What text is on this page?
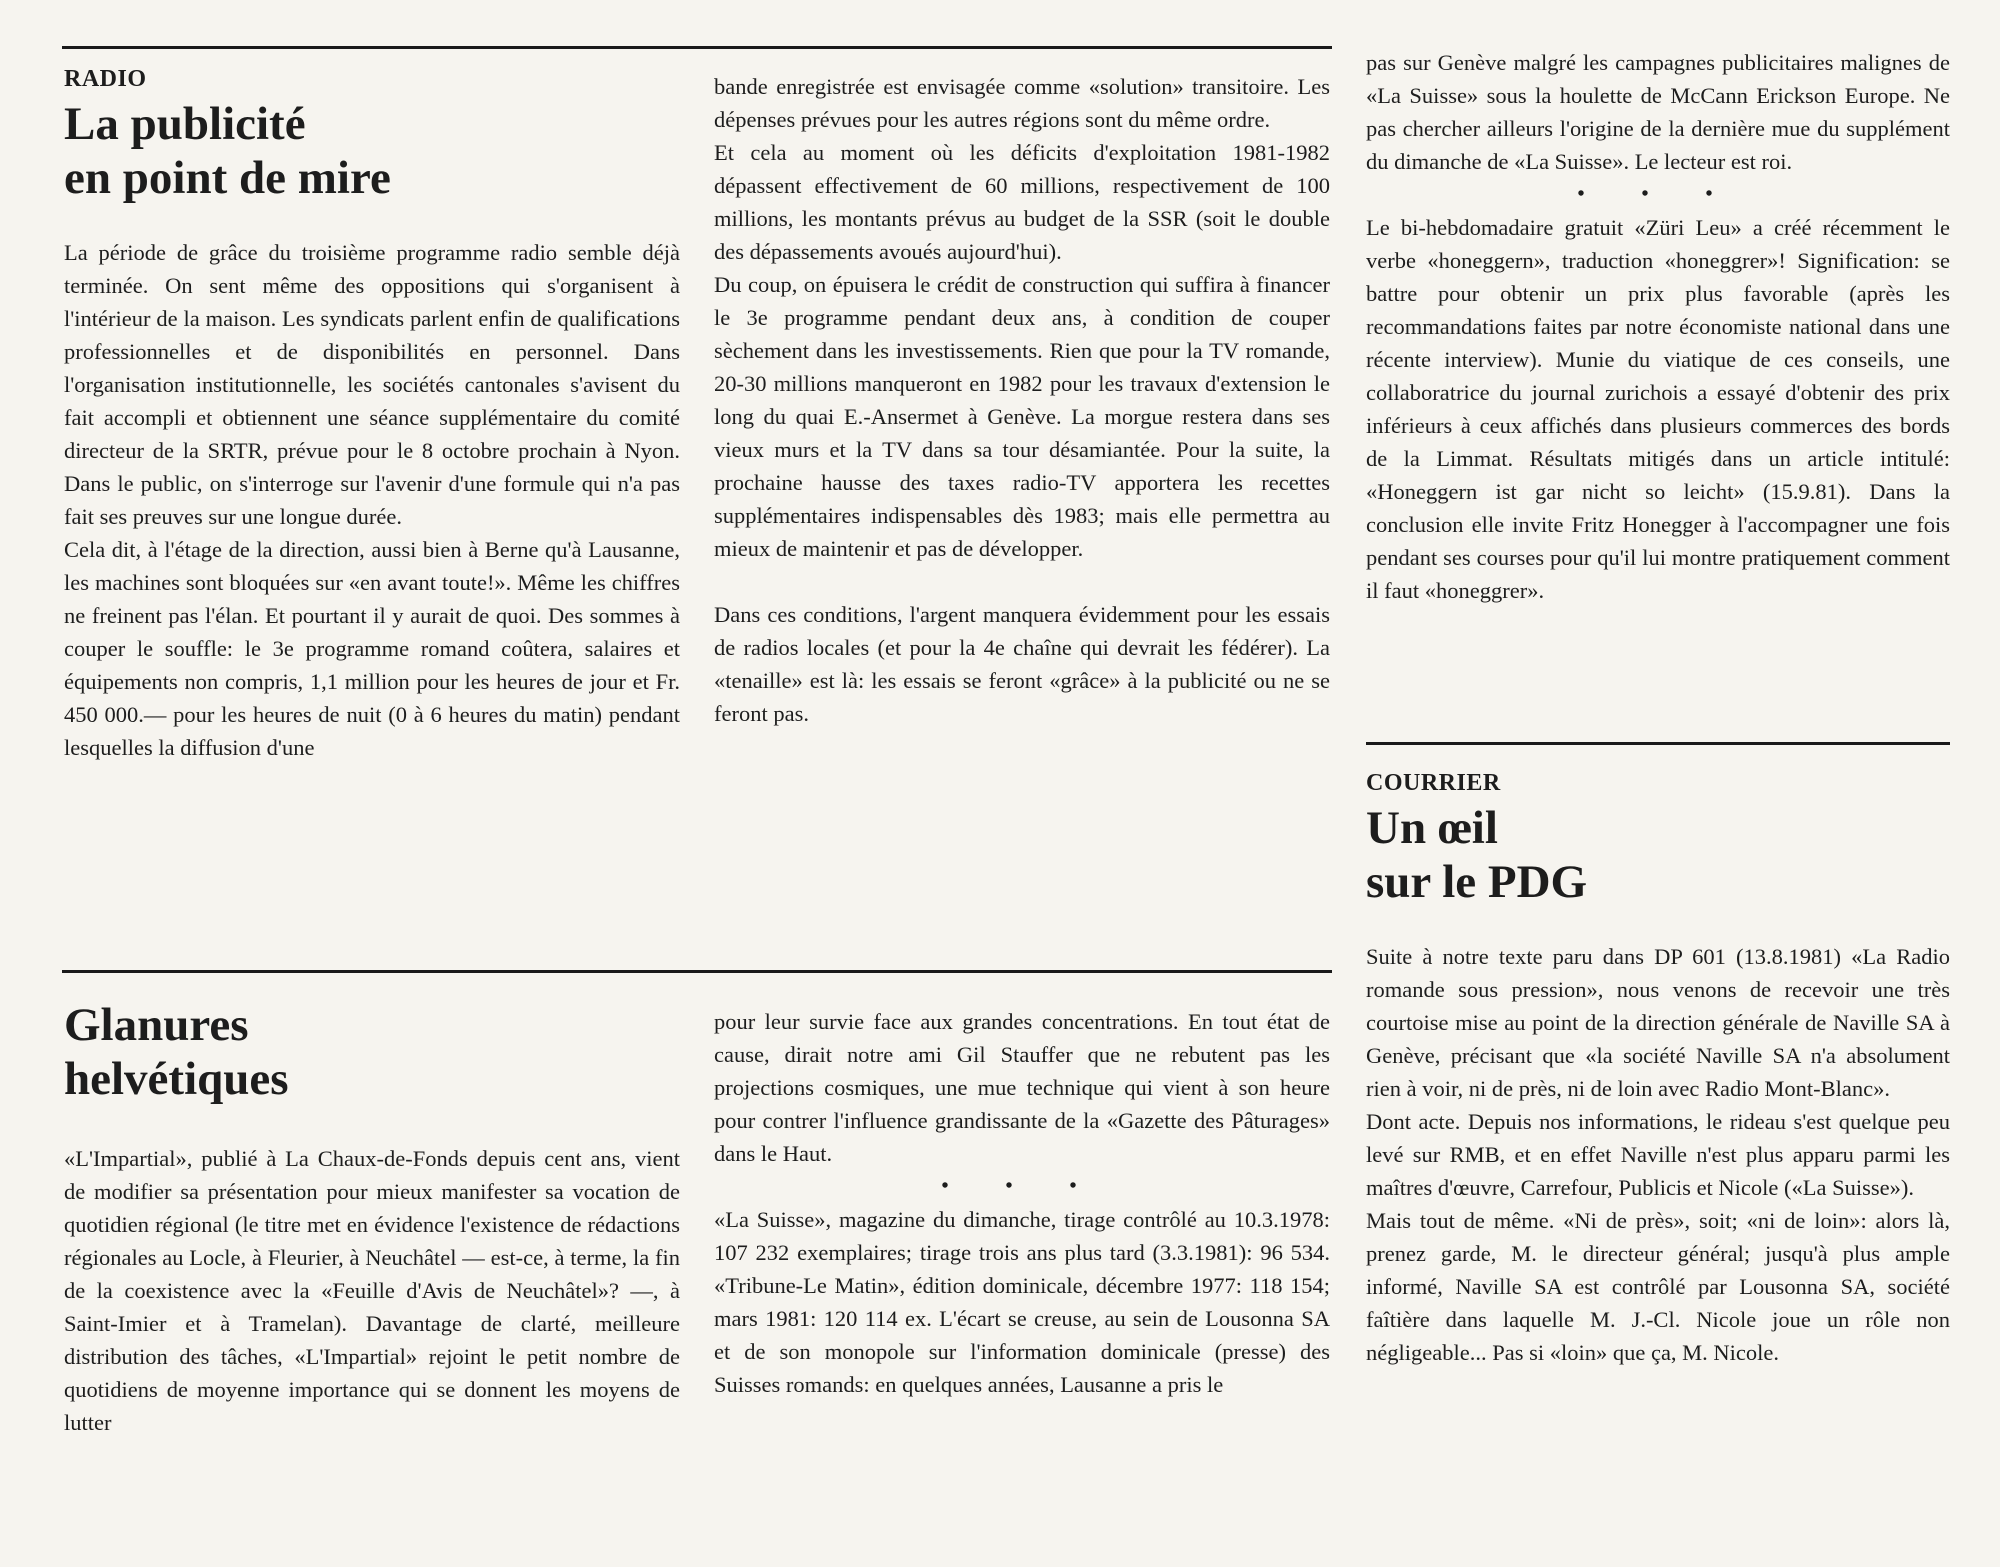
RADIO
La publicité
en point de mire

La période de grâce du troisième programme radio semble déjà terminée. On sent même des oppositions qui s'organisent à l'intérieur de la maison. Les syndicats parlent enfin de qualifications professionnelles et de disponibilités en personnel. Dans l'organisation institutionnelle, les sociétés cantonales s'avisent du fait accompli et obtiennent une séance supplémentaire du comité directeur de la SRTR, prévue pour le 8 octobre prochain à Nyon. Dans le public, on s'interroge sur l'avenir d'une formule qui n'a pas fait ses preuves sur une longue durée.

Cela dit, à l'étage de la direction, aussi bien à Berne qu'à Lausanne, les machines sont bloquées sur «en avant toute!». Même les chiffres ne freinent pas l'élan. Et pourtant il y aurait de quoi. Des sommes à couper le souffle: le 3e programme romand coûtera, salaires et équipements non compris, 1,1 million pour les heures de jour et Fr. 450 000.— pour les heures de nuit (0 à 6 heures du matin) pendant lesquelles la diffusion d'une

bande enregistrée est envisagée comme «solution» transitoire. Les dépenses prévues pour les autres régions sont du même ordre.

Et cela au moment où les déficits d'exploitation 1981-1982 dépassent effectivement de 60 millions, respectivement de 100 millions, les montants prévus au budget de la SSR (soit le double des dépassements avoués aujourd'hui).

Du coup, on épuisera le crédit de construction qui suffira à financer le 3e programme pendant deux ans, à condition de couper sèchement dans les investissements. Rien que pour la TV romande, 20-30 millions manqueront en 1982 pour les travaux d'extension le long du quai E.-Ansermet à Genève. La morgue restera dans ses vieux murs et la TV dans sa tour désamiantée. Pour la suite, la prochaine hausse des taxes radio-TV apportera les recettes supplémentaires indispensables dès 1983; mais elle permettra au mieux de maintenir et pas de développer.

Dans ces conditions, l'argent manquera évidemment pour les essais de radios locales (et pour la 4e chaîne qui devrait les fédérer). La «tenaille» est là: les essais se feront «grâce» à la publicité ou ne se feront pas.

Glanures
helvétiques

«L'Impartial», publié à La Chaux-de-Fonds depuis cent ans, vient de modifier sa présentation pour mieux manifester sa vocation de quotidien régional (le titre met en évidence l'existence de rédactions régionales au Locle, à Fleurier, à Neuchâtel — est-ce, à terme, la fin de la coexistence avec la «Feuille d'Avis de Neuchâtel»? —, à Saint-Imier et à Tramelan). Davantage de clarté, meilleure distribution des tâches, «L'Impartial» rejoint le petit nombre de quotidiens de moyenne importance qui se donnent les moyens de lutter

pour leur survie face aux grandes concentrations. En tout état de cause, dirait notre ami Gil Stauffer que ne rebutent pas les projections cosmiques, une mue technique qui vient à son heure pour contrer l'influence grandissante de la «Gazette des Pâturages» dans le Haut.

• • •

«La Suisse», magazine du dimanche, tirage contrôlé au 10.3.1978: 107 232 exemplaires; tirage trois ans plus tard (3.3.1981): 96 534. «Tribune-Le Matin», édition dominicale, décembre 1977: 118 154; mars 1981: 120 114 ex. L'écart se creuse, au sein de Lousonna SA et de son monopole sur l'information dominicale (presse) des Suisses romands: en quelques années, Lausanne a pris le

pas sur Genève malgré les campagnes publicitaires malignes de «La Suisse» sous la houlette de McCann Erickson Europe. Ne pas chercher ailleurs l'origine de la dernière mue du supplément du dimanche de «La Suisse». Le lecteur est roi.

• • •

Le bi-hebdomadaire gratuit «Züri Leu» a créé récemment le verbe «honeggern», traduction «honeggrer»! Signification: se battre pour obtenir un prix plus favorable (après les recommandations faites par notre économiste national dans une récente interview). Munie du viatique de ces conseils, une collaboratrice du journal zurichois a essayé d'obtenir des prix inférieurs à ceux affichés dans plusieurs commerces des bords de la Limmat. Résultats mitigés dans un article intitulé: «Honeggern ist gar nicht so leicht» (15.9.81). Dans la conclusion elle invite Fritz Honegger à l'accompagner une fois pendant ses courses pour qu'il lui montre pratiquement comment il faut «honeggrer».

COURRIER
Un œil
sur le PDG

Suite à notre texte paru dans DP 601 (13.8.1981) «La Radio romande sous pression», nous venons de recevoir une très courtoise mise au point de la direction générale de Naville SA à Genève, précisant que «la société Naville SA n'a absolument rien à voir, ni de près, ni de loin avec Radio Mont-Blanc».

Dont acte. Depuis nos informations, le rideau s'est quelque peu levé sur RMB, et en effet Naville n'est plus apparu parmi les maîtres d'œuvre, Carrefour, Publicis et Nicole («La Suisse»).

Mais tout de même. «Ni de près», soit; «ni de loin»: alors là, prenez garde, M. le directeur général; jusqu'à plus ample informé, Naville SA est contrôlé par Lousonna SA, société faîtière dans laquelle M. J.-Cl. Nicole joue un rôle non négligeable... Pas si «loin» que ça, M. Nicole.
